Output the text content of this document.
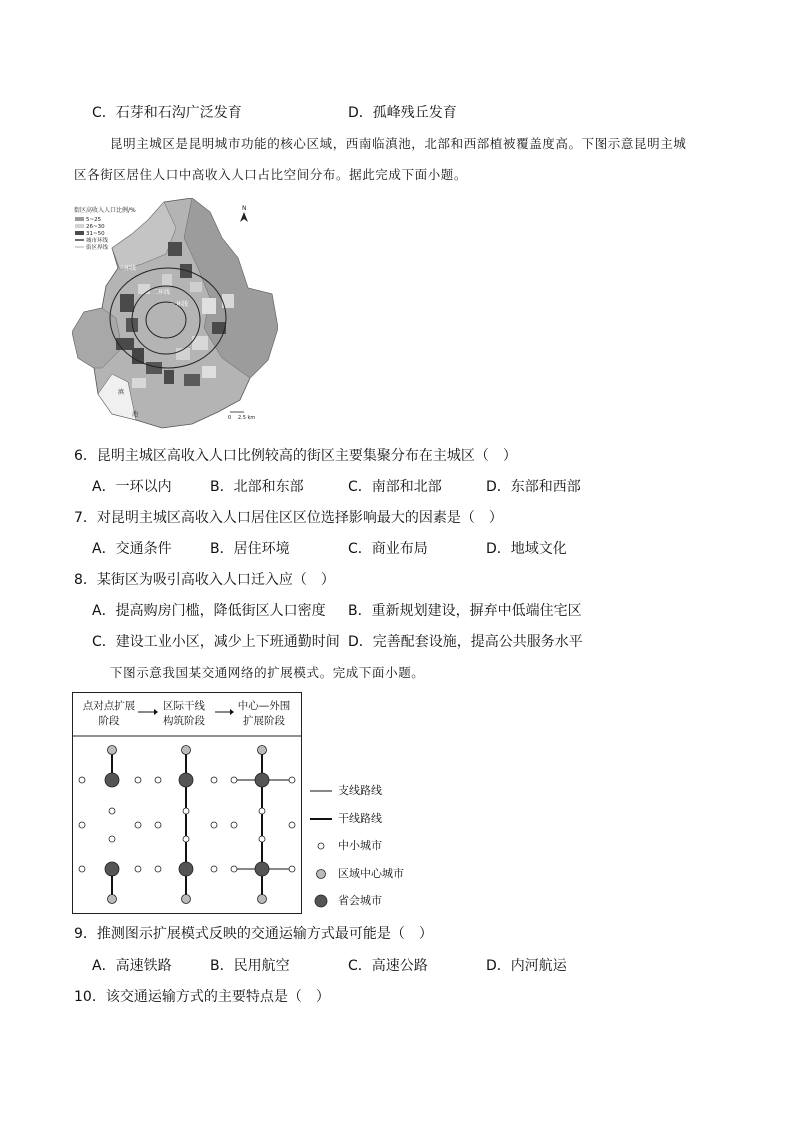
C．石芽和石沟广泛发育	D．孤峰残丘发育
昆明主城区是昆明城市功能的核心区域，西南临滇池，北部和西部植被覆盖度高。下图示意昆明主城
区各街区居住人口中高收入人口占比空间分布。据此完成下面小题。
街区高收入人口比例/%
5~25
26~30
31~50
城市环线
街区界线
N
二环线
二环线
一环线
滇
池	0 2.5 km
6．昆明主城区高收入人口比例较高的街区主要集聚分布在主城区（　）
A．一环以内	B．北部和东部	C．南部和北部	D．东部和西部
7．对昆明主城区高收入人口居住区区位选择影响最大的因素是（　）
A．交通条件	B．居住环境	C．商业布局	D．地域文化
8．某街区为吸引高收入人口迁入应（　）
A．提高购房门槛，降低街区人口密度 B．重新规划建设，摒弃中低端住宅区
C．建设工业小区，减少上下班通勤时间 D．完善配套设施，提高公共服务水平
下图示意我国某交通网络的扩展模式。完成下面小题。
点对点扩展
阶段
区际干线
构筑阶段
中心—外围
扩展阶段
支线路线
干线路线
中小城市
区域中心城市
省会城市
9．推测图示扩展模式反映的交通运输方式最可能是（　）
A．高速铁路	B．民用航空	C．高速公路	D．内河航运
10．该交通运输方式的主要特点是（　）
